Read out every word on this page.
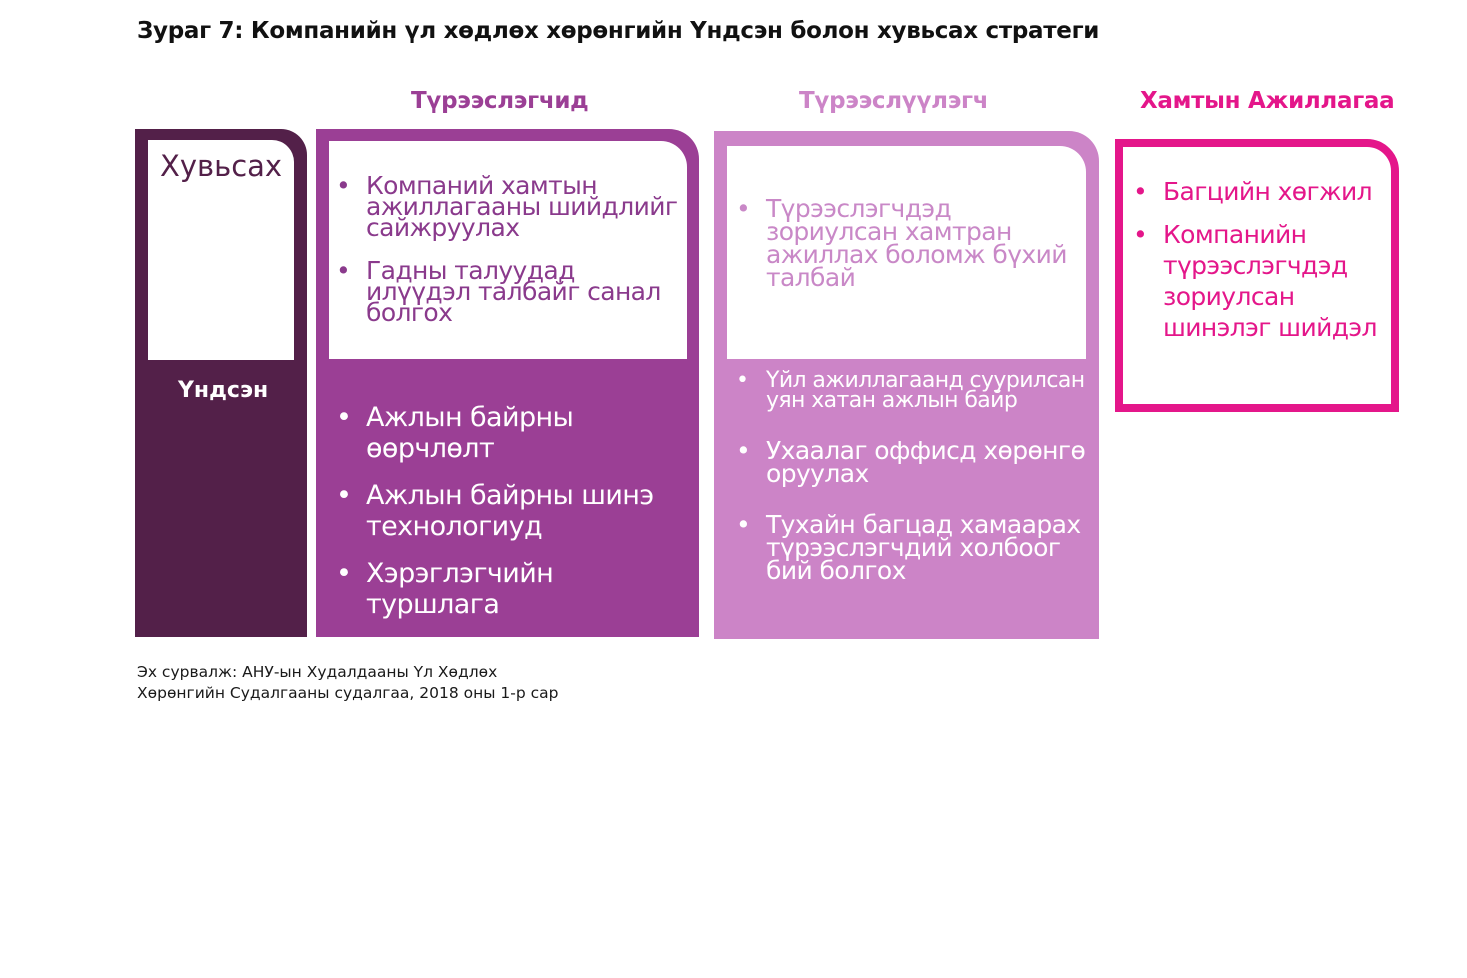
Зураг 7: Компанийн үл хөдлөх хөрөнгийн Үндсэн болон хувьсах стратеги
Түрээслэгчид	Түрээслүүлэгч	Хамтын Ажиллагаа
Хувьсах
Үндсэн
• Компаний хамтын ажиллагааны шийдлийг сайжруулах
• Гадны талуудад илүүдэл талбайг санал болгох
• Ажлын байрны өөрчлөлт
• Ажлын байрны шинэ технологиуд
• Хэрэглэгчийн туршлага
• Түрээслэгчдэд зориулсан хамтран ажиллах боломж бүхий талбай
• Үйл ажиллагаанд суурилсан уян хатан ажлын байр
• Ухаалаг оффисд хөрөнгө оруулах
• Тухайн багцад хамаарах түрээслэгчдий холбоог бий болгох
• Багцийн хөгжил
• Компанийн түрээслэгчдэд зориулсан шинэлэг шийдэл
Эх сурвалж: АНУ-ын Худалдааны Үл Хөдлөх
Хөрөнгийн Судалгааны судалгаа, 2018 оны 1-р сар
